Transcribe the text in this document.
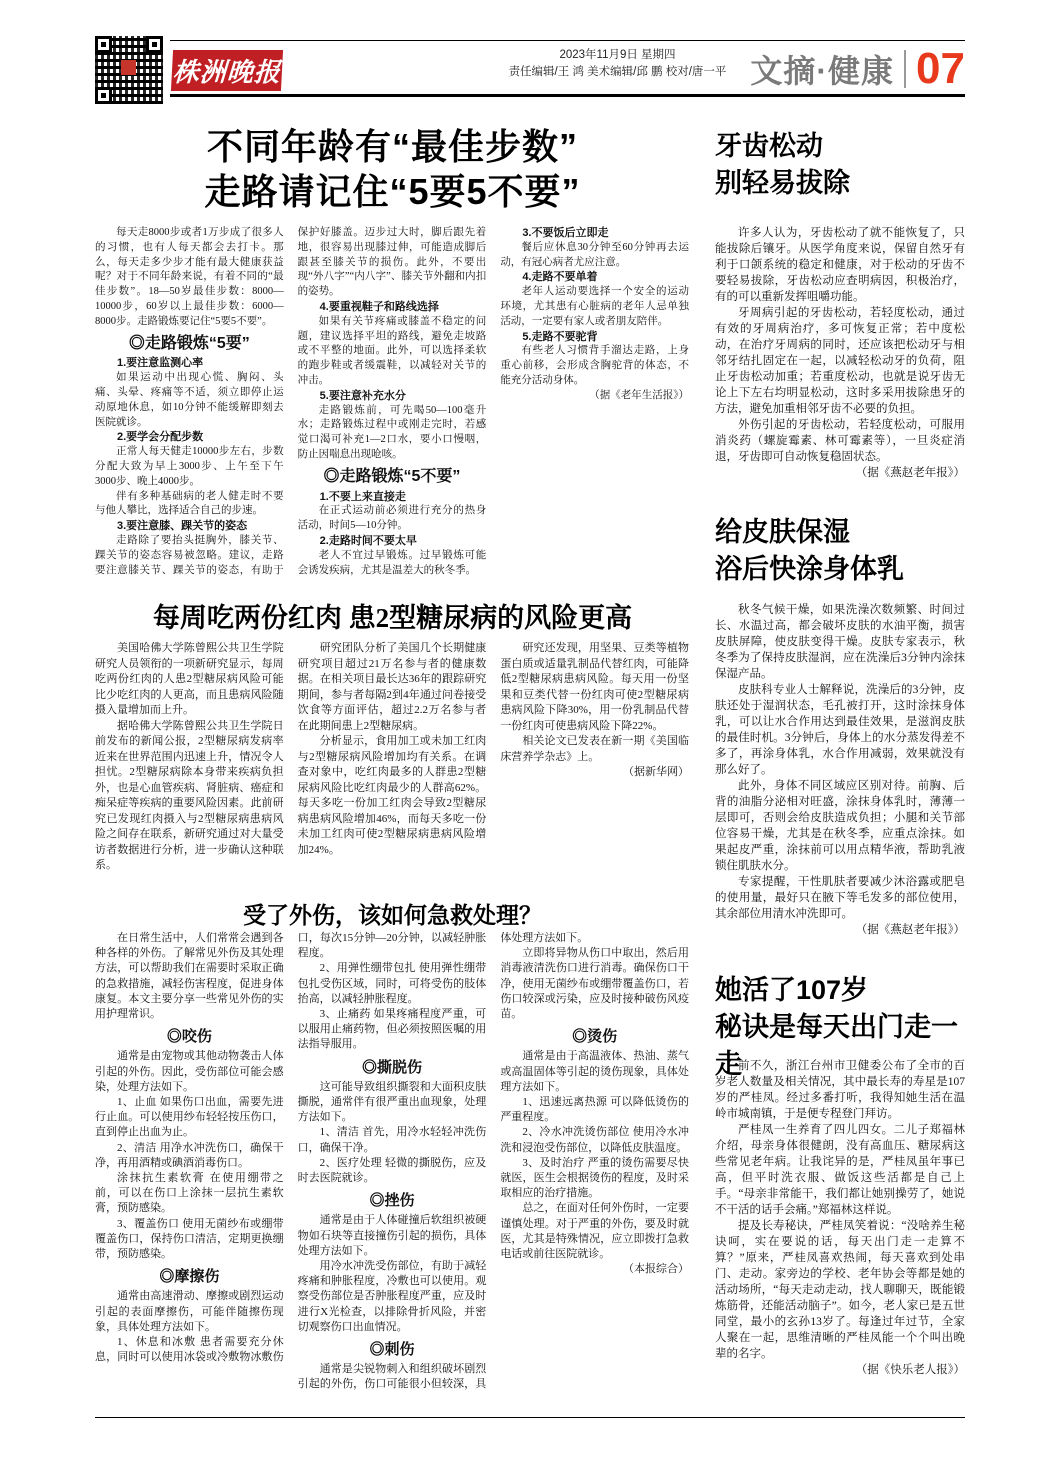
株洲晚报
2023年11月9日 星期四
责任编辑/王 鸿 美术编辑/邱 鹏 校对/唐一平 文摘·健康 07
不同年龄有“最佳步数”
走路请记住“5要5不要”

每天走8000步或者1万步成了很多人的习惯，也有人每天都会去打卡。那么，每天走多少步才能有最大健康获益呢？对于不同年龄来说，有着不同的“最佳步数”。18—50岁最佳步数：8000—10000步，60岁以上最佳步数：6000—8000步。走路锻炼要记住“5要5不要”。

◎走路锻炼“5要”

1.要注意监测心率

如果运动中出现心慌、胸闷、头痛、头晕、疼痛等不适，须立即停止运动原地休息，如10分钟不能缓解即刻去医院就诊。

2.要学会分配步数

正常人每天健走10000步左右，步数分配大致为早上3000步、上午至下午3000步、晚上4000步。

伴有多种基础病的老人健走时不要与他人攀比，选择适合自己的步速。

3.要注意膝、踝关节的姿态

走路除了要抬头挺胸外，膝关节、踝关节的姿态容易被忽略。建议，走路要注意膝关节、踝关节的姿态，有助于保护好膝盖。迈步过大时，脚后跟先着地，很容易出现膝过伸，可能造成脚后跟甚至膝关节的损伤。此外，不要出现“外八字”“内八字”、膝关节外翻和内扣的姿势。

4.要重视鞋子和路线选择

如果有关节疼痛或膝盖不稳定的问题，建议选择平坦的路线，避免走坡路或不平整的地面。此外，可以选择柔软的跑步鞋或者缓震鞋，以减轻对关节的冲击。

5.要注意补充水分

走路锻炼前，可先喝50—100毫升水；走路锻炼过程中或刚走完时，若感觉口渴可补充1—2口水，要小口慢咽，防止因喘息出现呛咳。

◎走路锻炼“5不要”

1.不要上来直接走

在正式运动前必须进行充分的热身活动，时间5—10分钟。

2.走路时间不要太早

老人不宜过早锻炼。过早锻炼可能会诱发疾病，尤其是温差大的秋冬季。

3.不要饭后立即走

餐后应休息30分钟至60分钟再去运动，有冠心病者尤应注意。

4.走路不要单着

老年人运动要选择一个安全的运动环境，尤其患有心脏病的老年人忌单独活动，一定要有家人或者朋友陪伴。

5.走路不要驼背

有些老人习惯背手溜达走路，上身重心前移，会形成含胸驼背的体态，不能充分活动身体。

（据《老年生活报》）

牙齿松动
别轻易拔除

许多人认为，牙齿松动了就不能恢复了，只能拔除后镶牙。从医学角度来说，保留自然牙有利于口颌系统的稳定和健康，对于松动的牙齿不要轻易拔除，牙齿松动应查明病因，积极治疗，有的可以重新发挥咀嚼功能。

牙周病引起的牙齿松动，若轻度松动，通过有效的牙周病治疗，多可恢复正常；若中度松动，在治疗牙周病的同时，还应该把松动牙与相邻牙结扎固定在一起，以减轻松动牙的负荷，阻止牙齿松动加重；若重度松动，也就是说牙齿无论上下左右均明显松动，这时多采用拔除患牙的方法，避免加重相邻牙齿不必要的负担。

外伤引起的牙齿松动，若轻度松动，可服用消炎药（螺旋霉素、林可霉素等），一旦炎症消退，牙齿即可自动恢复稳固状态。

（据《燕赵老年报》）

每周吃两份红肉 患2型糖尿病的风险更高

美国哈佛大学陈曾熙公共卫生学院研究人员领衔的一项新研究显示，每周吃两份红肉的人患2型糖尿病风险可能比少吃红肉的人更高，而且患病风险随摄入量增加而上升。

据哈佛大学陈曾熙公共卫生学院日前发布的新闻公报，2型糖尿病发病率近来在世界范围内迅速上升，情况令人担忧。2型糖尿病除本身带来疾病负担外，也是心血管疾病、肾脏病、癌症和痴呆症等疾病的重要风险因素。此前研究已发现红肉摄入与2型糖尿病患病风险之间存在联系，新研究通过对大量受访者数据进行分析，进一步确认这种联系。

研究团队分析了美国几个长期健康研究项目超过21万名参与者的健康数据。在相关项目最长达36年的跟踪研究期间，参与者每隔2到4年通过问卷接受饮食等方面评估，超过2.2万名参与者在此期间患上2型糖尿病。

分析显示，食用加工或未加工红肉与2型糖尿病风险增加均有关系。在调查对象中，吃红肉最多的人群患2型糖尿病风险比吃红肉最少的人群高62%。每天多吃一份加工红肉会导致2型糖尿病患病风险增加46%，而每天多吃一份未加工红肉可使2型糖尿病患病风险增加24%。

研究还发现，用坚果、豆类等植物蛋白质或适量乳制品代替红肉，可能降低2型糖尿病患病风险。每天用一份坚果和豆类代替一份红肉可使2型糖尿病患病风险下降30%，用一份乳制品代替一份红肉可使患病风险下降22%。

相关论文已发表在新一期《美国临床营养学杂志》上。

（据新华网）

给皮肤保湿
浴后快涂身体乳

秋冬气候干燥，如果洗澡次数频繁、时间过长、水温过高，都会破坏皮肤的水油平衡，损害皮肤屏障，使皮肤变得干燥。皮肤专家表示，秋冬季为了保持皮肤湿润，应在洗澡后3分钟内涂抹保湿产品。

皮肤科专业人士解释说，洗澡后的3分钟，皮肤还处于湿润状态，毛孔被打开，这时涂抹身体乳，可以让水合作用达到最佳效果，是滋润皮肤的最佳时机。3分钟后，身体上的水分蒸发得差不多了，再涂身体乳，水合作用减弱，效果就没有那么好了。

此外，身体不同区域应区别对待。前胸、后背的油脂分泌相对旺盛，涂抹身体乳时，薄薄一层即可，否则会给皮肤造成负担；小腿和关节部位容易干燥，尤其是在秋冬季，应重点涂抹。如果起皮严重，涂抹前可以用点精华液，帮助乳液锁住肌肤水分。

专家提醒，干性肌肤者要减少沐浴露或肥皂的使用量，最好只在腋下等毛发多的部位使用，其余部位用清水冲洗即可。

（据《燕赵老年报》）

受了外伤，该如何急救处理？

在日常生活中，人们常常会遇到各种各样的外伤。了解常见外伤及其处理方法，可以帮助我们在需要时采取正确的急救措施，减轻伤害程度，促进身体康复。本文主要分享一些常见外伤的实用护理常识。

◎咬伤

通常是由宠物或其他动物袭击人体引起的外伤。因此，受伤部位可能会感染，处理方法如下。

1、止血 如果伤口出血，需要先进行止血。可以使用纱布轻轻按压伤口，直到停止出血为止。

2、清洁 用净水冲洗伤口，确保干净，再用酒精或碘酒消毒伤口。

涂抹抗生素软膏 在使用绷带之前，可以在伤口上涂抹一层抗生素软膏，预防感染。

3、覆盖伤口 使用无菌纱布或绷带覆盖伤口，保持伤口清洁，定期更换绷带，预防感染。

◎摩擦伤

通常由高速滑动、摩擦或剧烈运动引起的表面摩擦伤，可能伴随擦伤现象，具体处理方法如下。

1、休息和冰敷 患者需要充分休息，同时可以使用冰袋或冷敷物冰敷伤口，每次15分钟—20分钟，以减轻肿胀程度。

2、用弹性绷带包扎 使用弹性绷带包扎受伤区域，同时，可将受伤的肢体抬高，以减轻肿胀程度。

3、止痛药 如果疼痛程度严重，可以服用止痛药物，但必须按照医嘱的用法指导服用。

◎撕脱伤

这可能导致组织撕裂和大面积皮肤撕脱，通常伴有很严重出血现象，处理方法如下。

1、清洁 首先，用冷水轻轻冲洗伤口，确保干净。

2、医疗处理 轻微的撕脱伤，应及时去医院就诊。

◎挫伤

通常是由于人体碰撞后软组织被硬物如石块等直接撞伤引起的损伤，具体处理方法如下。

用冷水冲洗受伤部位，有助于减轻疼痛和肿胀程度，冷敷也可以使用。观察受伤部位是否肿胀程度严重，应及时进行X光检查，以排除骨折风险，并密切观察伤口出血情况。

◎刺伤

通常是尖锐物刺入和组织破坏剧烈引起的外伤，伤口可能很小但较深，具体处理方法如下。

立即将异物从伤口中取出，然后用消毒液清洗伤口进行消毒。确保伤口干净，使用无菌纱布或绷带覆盖伤口，若伤口较深或污染，应及时接种破伤风疫苗。

◎烫伤

通常是由于高温液体、热油、蒸气或高温固体等引起的烫伤现象，具体处理方法如下。

1、迅速远离热源 可以降低烫伤的严重程度。

2、冷水冲洗烫伤部位 使用冷水冲洗和浸泡受伤部位，以降低皮肤温度。

3、及时治疗 严重的烫伤需要尽快就医，医生会根据烫伤的程度，及时采取相应的治疗措施。

总之，在面对任何外伤时，一定要谨慎处理。对于严重的外伤，要及时就医，尤其是特殊情况，应立即拨打急救电话或前往医院就诊。

（本报综合）

她活了107岁
秘诀是每天出门走一走

前不久，浙江台州市卫健委公布了全市的百岁老人数量及相关情况，其中最长寿的寿星是107岁的严桂凤。经过多番打听，我得知她生活在温岭市城南镇，于是便专程登门拜访。

严桂凤一生养育了四儿四女。二儿子郑福林介绍，母亲身体很健朗，没有高血压、糖尿病这些常见老年病。让我诧异的是，严桂凤虽年事已高，但平时洗衣服、做饭这些活都是自己上手。“母亲非常能干，我们都让她别操劳了，她说不干活的话手会痛。”郑福林这样说。

提及长寿秘诀，严桂凤笑着说：“没啥养生秘诀呵，实在要说的话，每天出门走一走算不算？”原来，严桂凤喜欢热闹，每天喜欢到处串门、走动。家旁边的学校、老年协会等都是她的活动场所，“每天走动走动，找人聊聊天，既能锻炼筋骨，还能活动脑子”。如今，老人家已是五世同堂，最小的玄孙13岁了。每逢过年过节，全家人聚在一起，思维清晰的严桂凤能一个个叫出晚辈的名字。

（据《快乐老人报》）
